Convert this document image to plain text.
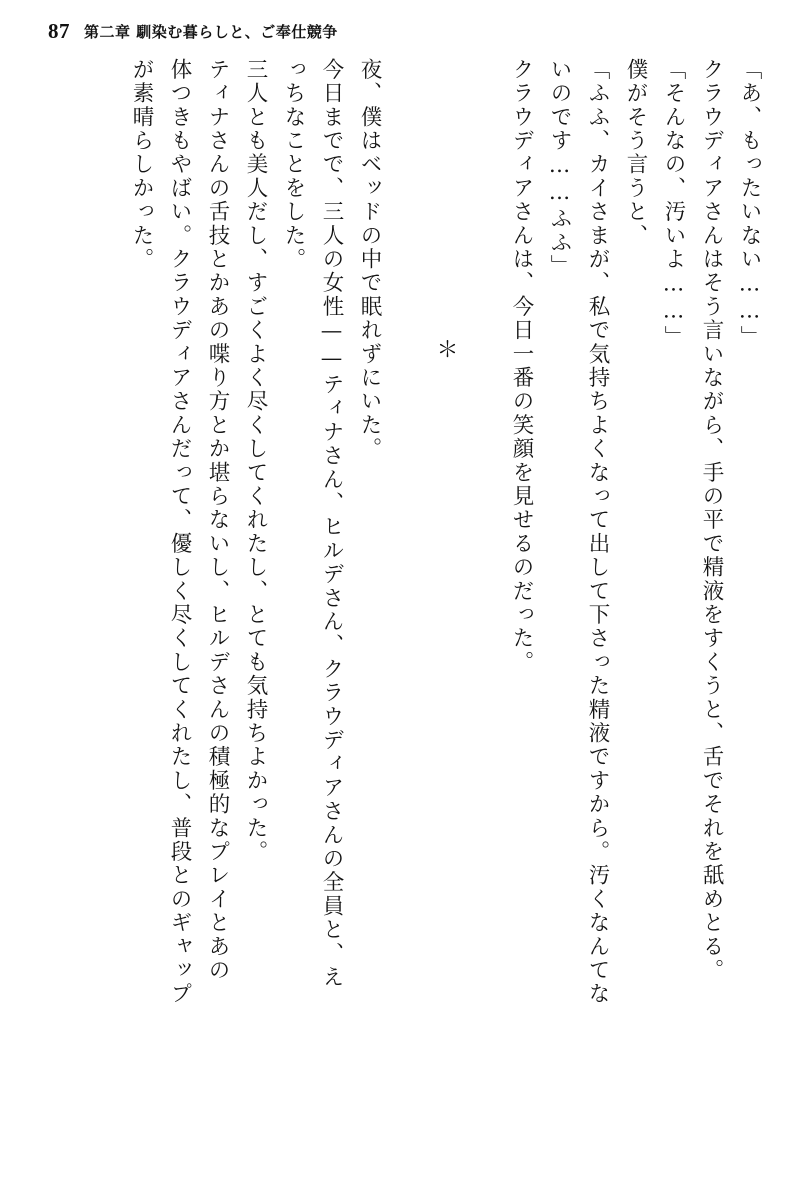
87 第二章 馴染む暮らしと、ご奉仕競争
「あ、もったいない……」
クラウディアさんはそう言いながら、手の平で精液をすくうと、舌でそれを舐めとる。
「そんなの、汚いよ……」
僕がそう言うと、
「ふふ、カイさまが、私で気持ちよくなって出して下さった精液ですから。汚くなんてな
いのです……ふふ」
クラウディアさんは、今日一番の笑顔を見せるのだった。
＊
夜、僕はベッドの中で眠れずにいた。
今日までで、三人の女性——ティナさん、ヒルデさん、クラウディアさんの全員と、え
っちなことをした。
三人とも美人だし、すごくよく尽くしてくれたし、とても気持ちよかった。
ティナさんの舌技とかあの喋り方とか堪らないし、ヒルデさんの積極的なプレイとあの
体つきもやばい。クラウディアさんだって、優しく尽くしてくれたし、普段とのギャップ
が素晴らしかった。
